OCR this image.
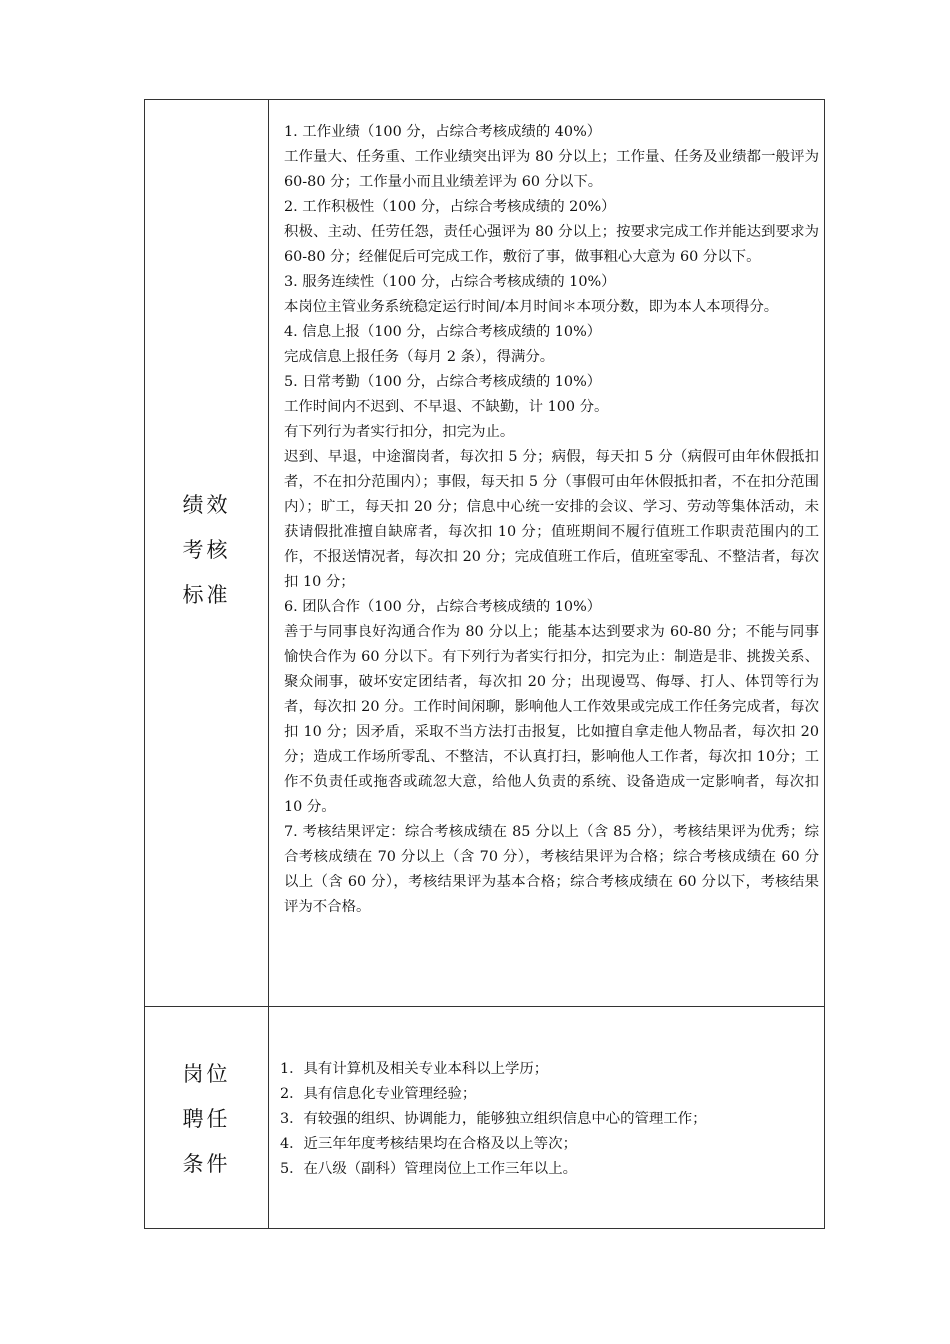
绩效
考核
标准

1. 工作业绩（100 分，占综合考核成绩的 40%）

工作量大、任务重、工作业绩突出评为 80 分以上；工作量、任务及业绩都一般评为 60-80 分；工作量小而且业绩差评为 60 分以下。

2. 工作积极性（100 分，占综合考核成绩的 20%）

积极、主动、任劳任怨，责任心强评为 80 分以上；按要求完成工作并能达到要求为 60-80 分；经催促后可完成工作，敷衍了事，做事粗心大意为 60 分以下。

3. 服务连续性（100 分，占综合考核成绩的 10%）

本岗位主管业务系统稳定运行时间/本月时间＊本项分数，即为本人本项得分。

4. 信息上报（100 分，占综合考核成绩的 10%）

完成信息上报任务（每月 2 条），得满分。

5. 日常考勤（100 分，占综合考核成绩的 10%）

工作时间内不迟到、不早退、不缺勤，计 100 分。

有下列行为者实行扣分，扣完为止。

迟到、早退，中途溜岗者，每次扣 5 分；病假，每天扣 5 分（病假可由年休假抵扣者，不在扣分范围内）；事假，每天扣 5 分（事假可由年休假抵扣者，不在扣分范围内）；旷工，每天扣 20 分；信息中心统一安排的会议、学习、劳动等集体活动，未获请假批准擅自缺席者，每次扣 10 分；值班期间不履行值班工作职责范围内的工作，不报送情况者，每次扣 20 分；完成值班工作后，值班室零乱、不整洁者，每次扣 10 分；

6. 团队合作（100 分，占综合考核成绩的 10%）

善于与同事良好沟通合作为 80 分以上；能基本达到要求为 60-80 分；不能与同事愉快合作为 60 分以下。有下列行为者实行扣分，扣完为止：制造是非、挑拨关系、聚众闹事，破坏安定团结者，每次扣 20 分；出现谩骂、侮辱、打人、体罚等行为者，每次扣 20 分。工作时间闲聊，影响他人工作效果或完成工作任务完成者，每次扣 10 分；因矛盾，采取不当方法打击报复，比如擅自拿走他人物品者，每次扣 20分；造成工作场所零乱、不整洁，不认真打扫，影响他人工作者，每次扣 10分；工作不负责任或拖沓或疏忽大意，给他人负责的系统、设备造成一定影响者，每次扣 10 分。

7. 考核结果评定：综合考核成绩在 85 分以上（含 85 分），考核结果评为优秀；综合考核成绩在 70 分以上（含 70 分），考核结果评为合格；综合考核成绩在 60 分以上（含 60 分），考核结果评为基本合格；综合考核成绩在 60 分以下，考核结果评为不合格。

岗位
聘任
条件

1．具有计算机及相关专业本科以上学历；

2．具有信息化专业管理经验；

3．有较强的组织、协调能力，能够独立组织信息中心的管理工作；

4．近三年年度考核结果均在合格及以上等次；

5．在八级（副科）管理岗位上工作三年以上。
